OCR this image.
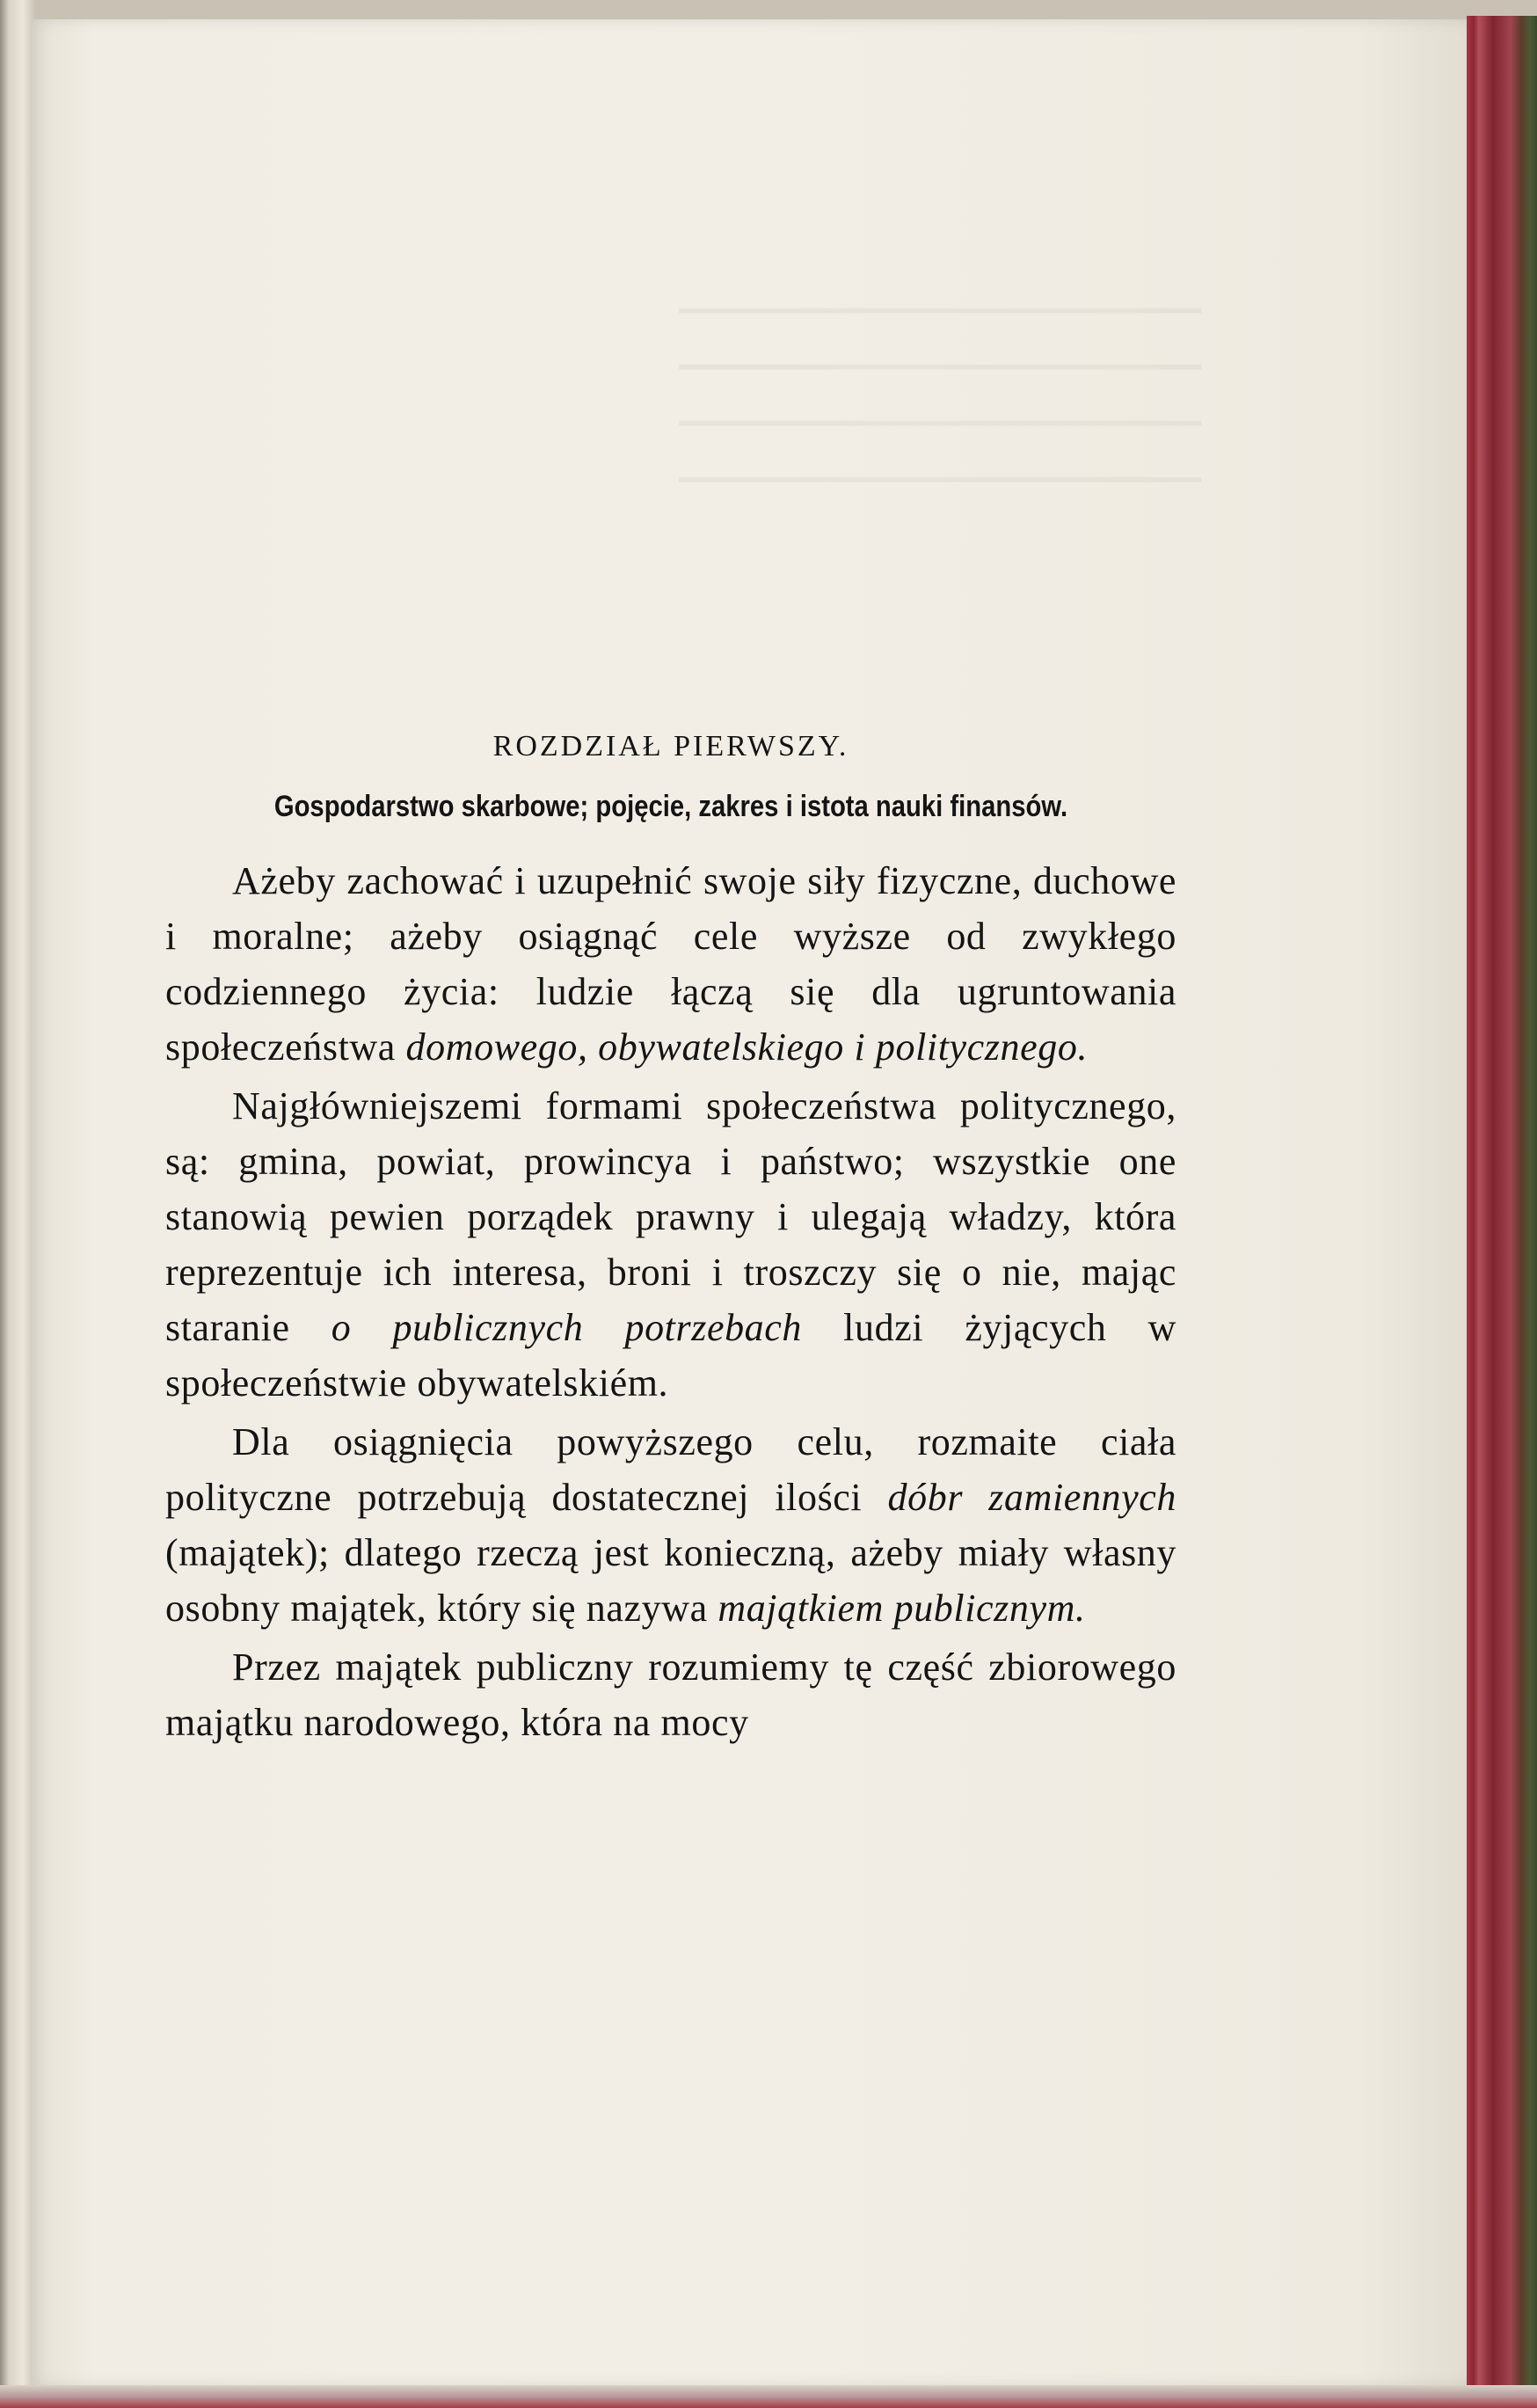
━━━━━━━━━━━━━━━━━━━━━━━━━━━━━
━━━━━━━━━━━━━━━━━━━━━━━━━━━━━
━━━━━━━━━━━━━━━━━━━━━━━━━━━━━
━━━━━━━━━━━━━━━━━━━━━━━━━━━━━
ROZDZIAŁ PIERWSZY.
Gospodarstwo skarbowe; pojęcie, zakres i istota nauki finansów.

Ażeby zachować i uzupełnić swoje siły fizyczne, duchowe i moralne; ażeby osiągnąć cele wyższe od zwykłego codziennego życia: ludzie łączą się dla ugruntowania społeczeństwa domowego, obywatelskiego i politycznego.

Najgłówniejszemi formami społeczeństwa politycznego, są: gmina, powiat, prowincya i państwo; wszystkie one stanowią pewien porządek prawny i ulegają władzy, która reprezentuje ich interesa, broni i troszczy się o nie, mając staranie o publicznych potrzebach ludzi żyjących w społeczeństwie obywatelskiém.

Dla osiągnięcia powyższego celu, rozmaite ciała polityczne potrzebują dostatecznej ilości dóbr zamiennych (majątek); dlatego rzeczą jest konieczną, ażeby miały własny osobny majątek, który się nazywa majątkiem publicznym.

Przez majątek publiczny rozumiemy tę część zbiorowego majątku narodowego, która na mocy
